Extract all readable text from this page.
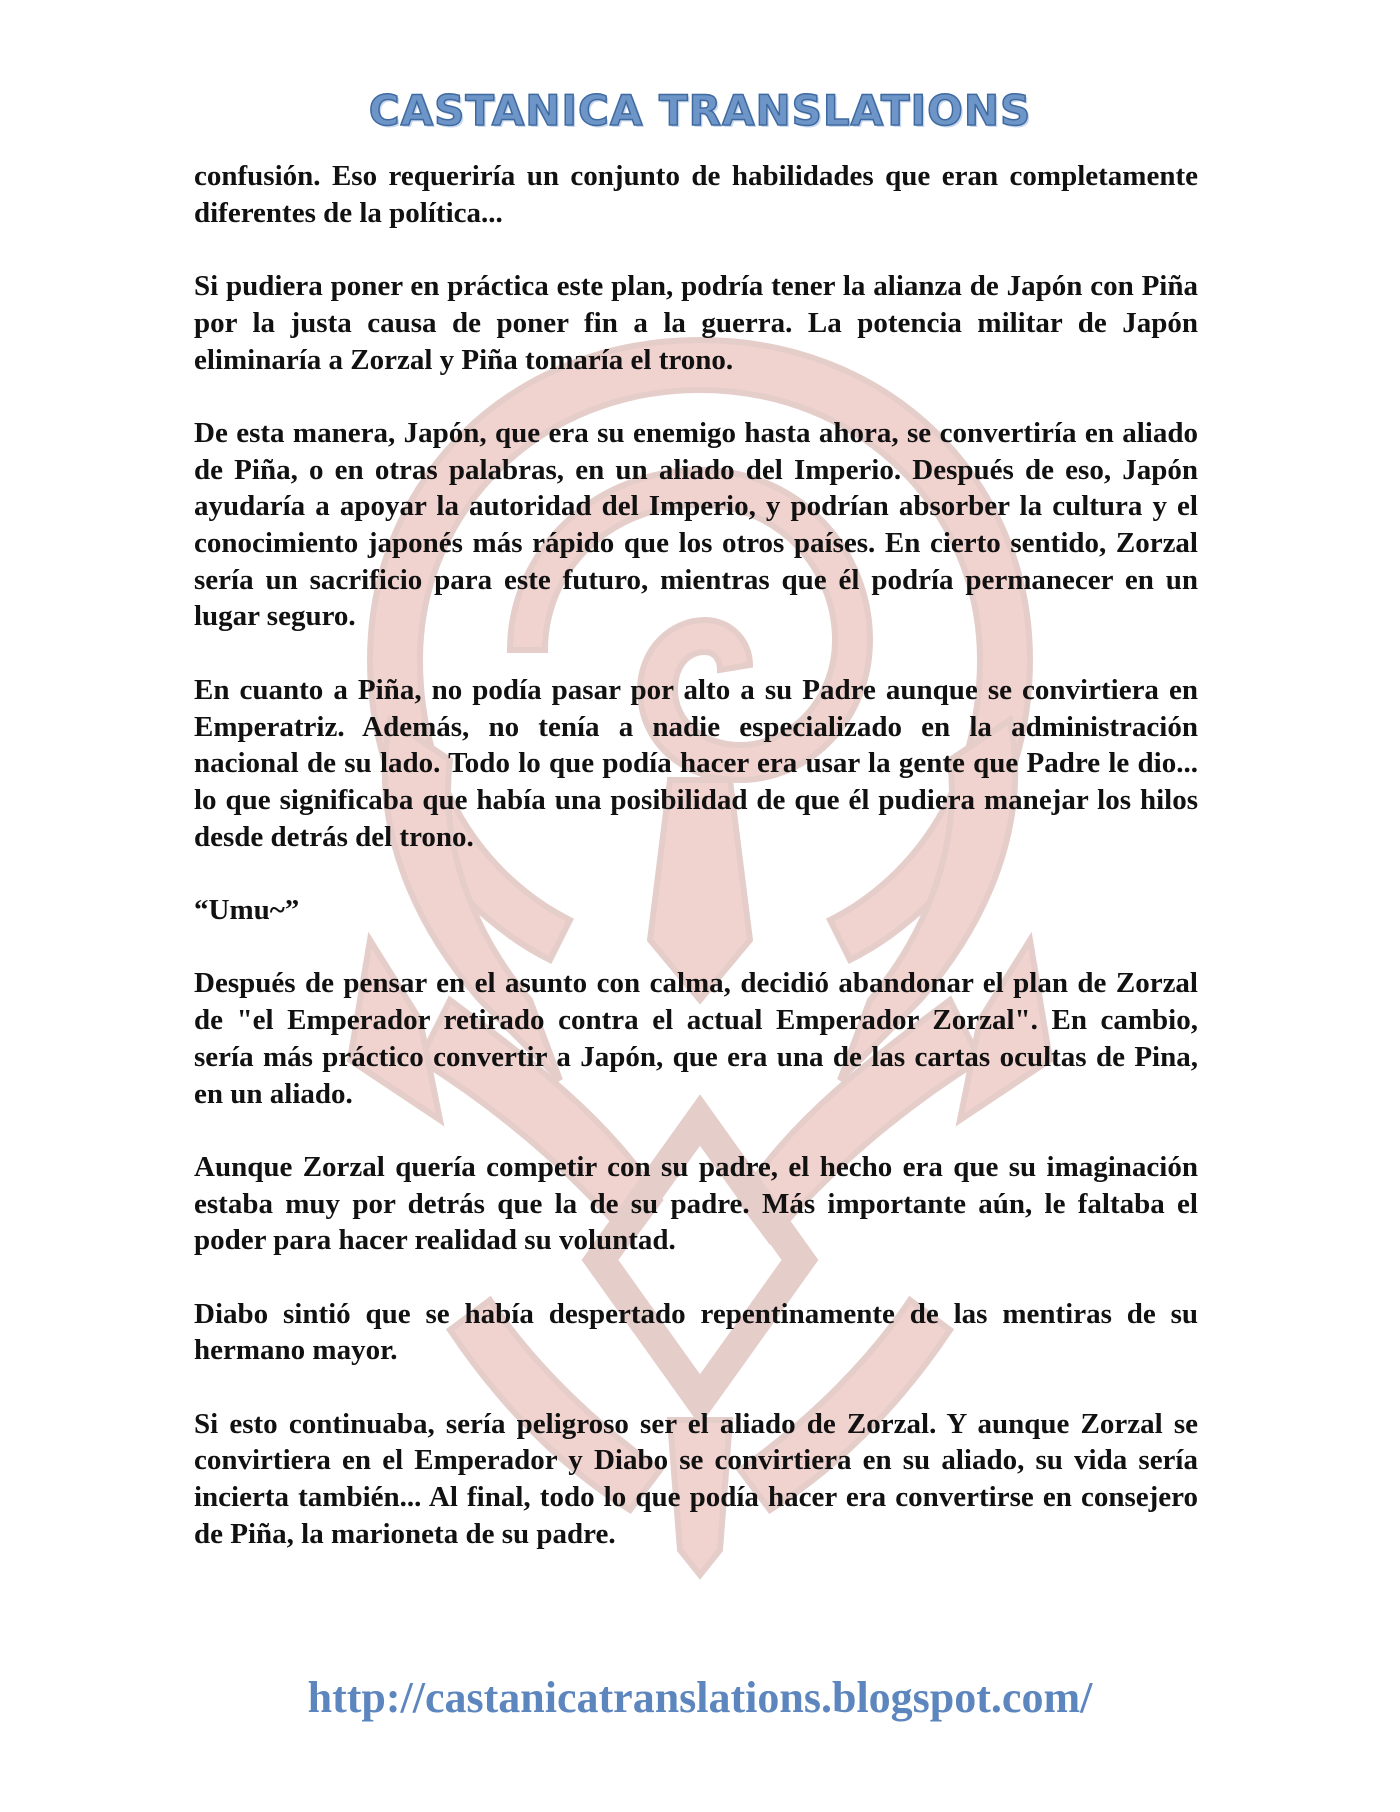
CASTANICA TRANSLATIONS

confusión. Eso requeriría un conjunto de habilidades que eran completamente diferentes de la política...

Si pudiera poner en práctica este plan, podría tener la alianza de Japón con Piña por la justa causa de poner fin a la guerra. La potencia militar de Japón eliminaría a Zorzal y Piña tomaría el trono.

De esta manera, Japón, que era su enemigo hasta ahora, se convertiría en aliado de Piña, o en otras palabras, en un aliado del Imperio. Después de eso, Japón ayudaría a apoyar la autoridad del Imperio, y podrían absorber la cultura y el conocimiento japonés más rápido que los otros países. En cierto sentido, Zorzal sería un sacrificio para este futuro, mientras que él podría permanecer en un lugar seguro.

En cuanto a Piña, no podía pasar por alto a su Padre aunque se convirtiera en Emperatriz. Además, no tenía a nadie especializado en la administración nacional de su lado. Todo lo que podía hacer era usar la gente que Padre le dio... lo que significaba que había una posibilidad de que él pudiera manejar los hilos desde detrás del trono.

“Umu~”

Después de pensar en el asunto con calma, decidió abandonar el plan de Zorzal de "el Emperador retirado contra el actual Emperador Zorzal". En cambio, sería más práctico convertir a Japón, que era una de las cartas ocultas de Pina, en un aliado.

Aunque Zorzal quería competir con su padre, el hecho era que su imaginación estaba muy por detrás que la de su padre. Más importante aún, le faltaba el poder para hacer realidad su voluntad.

Diabo sintió que se había despertado repentinamente de las mentiras de su hermano mayor.

Si esto continuaba, sería peligroso ser el aliado de Zorzal. Y aunque Zorzal se convirtiera en el Emperador y Diabo se convirtiera en su aliado, su vida sería incierta también... Al final, todo lo que podía hacer era convertirse en consejero de Piña, la marioneta de su padre.

http://castanicatranslations.blogspot.com/
